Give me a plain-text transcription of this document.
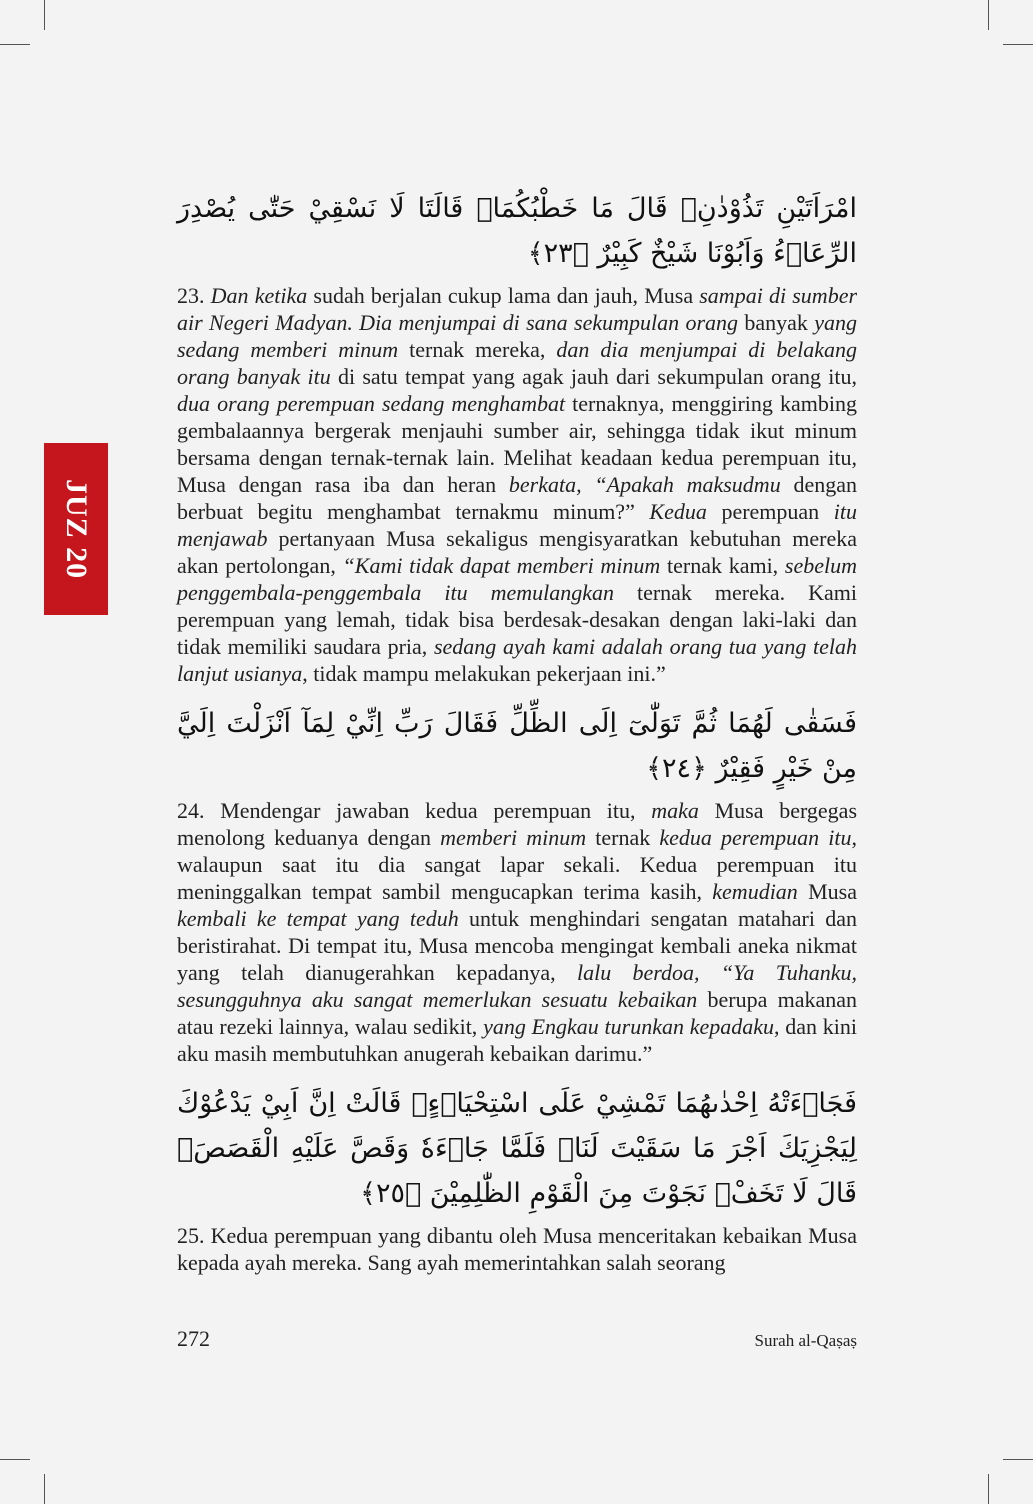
JUZ 20
امْرَاَتَيْنِ تَذُوْدٰنِۚ قَالَ مَا خَطْبُكُمَاۗ قَالَتَا لَا نَسْقِيْ حَتّٰى يُصْدِرَ الرِّعَاۤءُ وَاَبُوْنَا شَيْخٌ كَبِيْرٌ ﴿٢٣﴾
23. Dan ketika sudah berjalan cukup lama dan jauh, Musa sampai di sumber air Negeri Madyan. Dia menjumpai di sana sekumpulan orang banyak yang sedang memberi minum ternak mereka, dan dia menjumpai di belakang orang banyak itu di satu tempat yang agak jauh dari sekumpulan orang itu, dua orang perempuan sedang menghambat ternaknya, menggiring kambing gembalaannya bergerak menjauhi sumber air, sehingga tidak ikut minum bersama dengan ternak-ternak lain. Melihat keadaan kedua perempuan itu, Musa dengan rasa iba dan heran berkata, “Apakah maksudmu dengan berbuat begitu menghambat ternakmu minum?” Kedua perempuan itu menjawab pertanyaan Musa sekaligus mengisyaratkan kebutuhan mereka akan pertolongan, “Kami tidak dapat memberi minum ternak kami, sebelum penggembala-penggembala itu memulangkan ternak mereka. Kami perempuan yang lemah, tidak bisa berdesak-desakan dengan laki-laki dan tidak memiliki saudara pria, sedang ayah kami adalah orang tua yang telah lanjut usianya, tidak mampu melakukan pekerjaan ini.”
فَسَقٰى لَهُمَا ثُمَّ تَوَلّٰىٓ اِلَى الظِّلِّ فَقَالَ رَبِّ اِنِّيْ لِمَآ اَنْزَلْتَ اِلَيَّ مِنْ خَيْرٍ فَقِيْرٌ ﴿٢٤﴾
24. Mendengar jawaban kedua perempuan itu, maka Musa bergegas menolong keduanya dengan memberi minum ternak kedua perempuan itu, walaupun saat itu dia sangat lapar sekali. Kedua perempuan itu meninggalkan tempat sambil mengucapkan terima kasih, kemudian Musa kembali ke tempat yang teduh untuk menghindari sengatan matahari dan beristirahat. Di tempat itu, Musa mencoba mengingat kembali aneka nikmat yang telah dianugerahkan kepadanya, lalu berdoa, “Ya Tuhanku, sesungguhnya aku sangat memerlukan sesuatu kebaikan berupa makanan atau rezeki lainnya, walau sedikit, yang Engkau turunkan kepadaku, dan kini aku masih membutuhkan anugerah kebaikan darimu.”
فَجَاۤءَتْهُ اِحْدٰىهُمَا تَمْشِيْ عَلَى اسْتِحْيَاۤءٍۖ قَالَتْ اِنَّ اَبِيْ يَدْعُوْكَ لِيَجْزِيَكَ اَجْرَ مَا سَقَيْتَ لَنَاۗ فَلَمَّا جَاۤءَهٗ وَقَصَّ عَلَيْهِ الْقَصَصَۙ قَالَ لَا تَخَفْۗ نَجَوْتَ مِنَ الْقَوْمِ الظّٰلِمِيْنَ ﴿٢٥﴾
25. Kedua perempuan yang dibantu oleh Musa menceritakan kebaikan Musa kepada ayah mereka. Sang ayah memerintahkan salah seorang
272	Surah al-Qaṣaṣ
